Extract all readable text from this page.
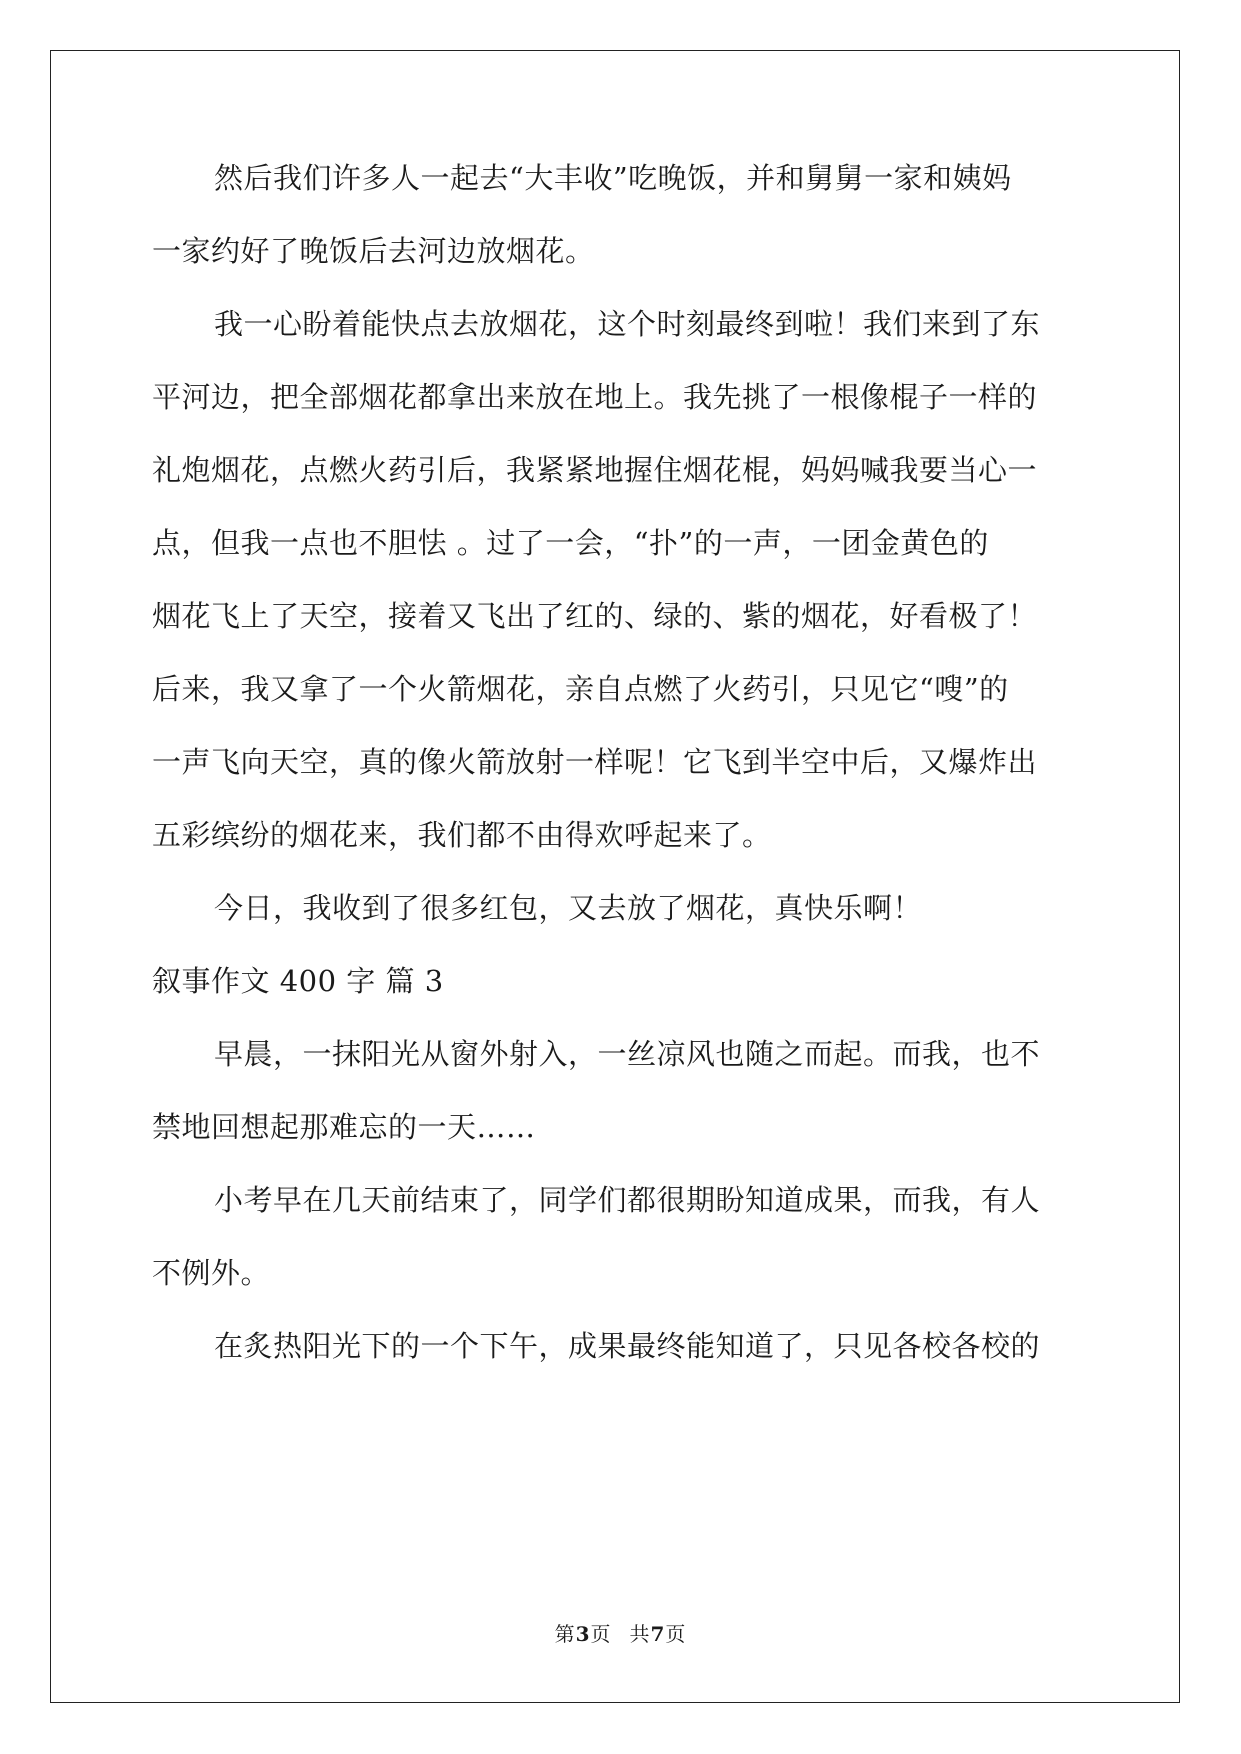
然后我们许多人一起去“大丰收”吃晚饭，并和舅舅一家和姨妈
一家约好了晚饭后去河边放烟花。
我一心盼着能快点去放烟花，这个时刻最终到啦！我们来到了东
平河边，把全部烟花都拿出来放在地上。我先挑了一根像棍子一样的
礼炮烟花，点燃火药引后，我紧紧地握住烟花棍，妈妈喊我要当心一
点，但我一点也不胆怯 。过了一会，“扑”的一声，一团金黄色的
烟花飞上了天空，接着又飞出了红的、绿的、紫的烟花，好看极了！
后来，我又拿了一个火箭烟花，亲自点燃了火药引，只见它“嗖”的
一声飞向天空，真的像火箭放射一样呢！它飞到半空中后，又爆炸出
五彩缤纷的烟花来，我们都不由得欢呼起来了。
今日，我收到了很多红包，又去放了烟花，真快乐啊！
叙事作文 400 字 篇 3
早晨，一抹阳光从窗外射入，一丝凉风也随之而起。而我，也不
禁地回想起那难忘的一天……
小考早在几天前结束了，同学们都很期盼知道成果，而我，有人
不例外。
在炙热阳光下的一个下午，成果最终能知道了，只见各校各校的
第3页 共7页
